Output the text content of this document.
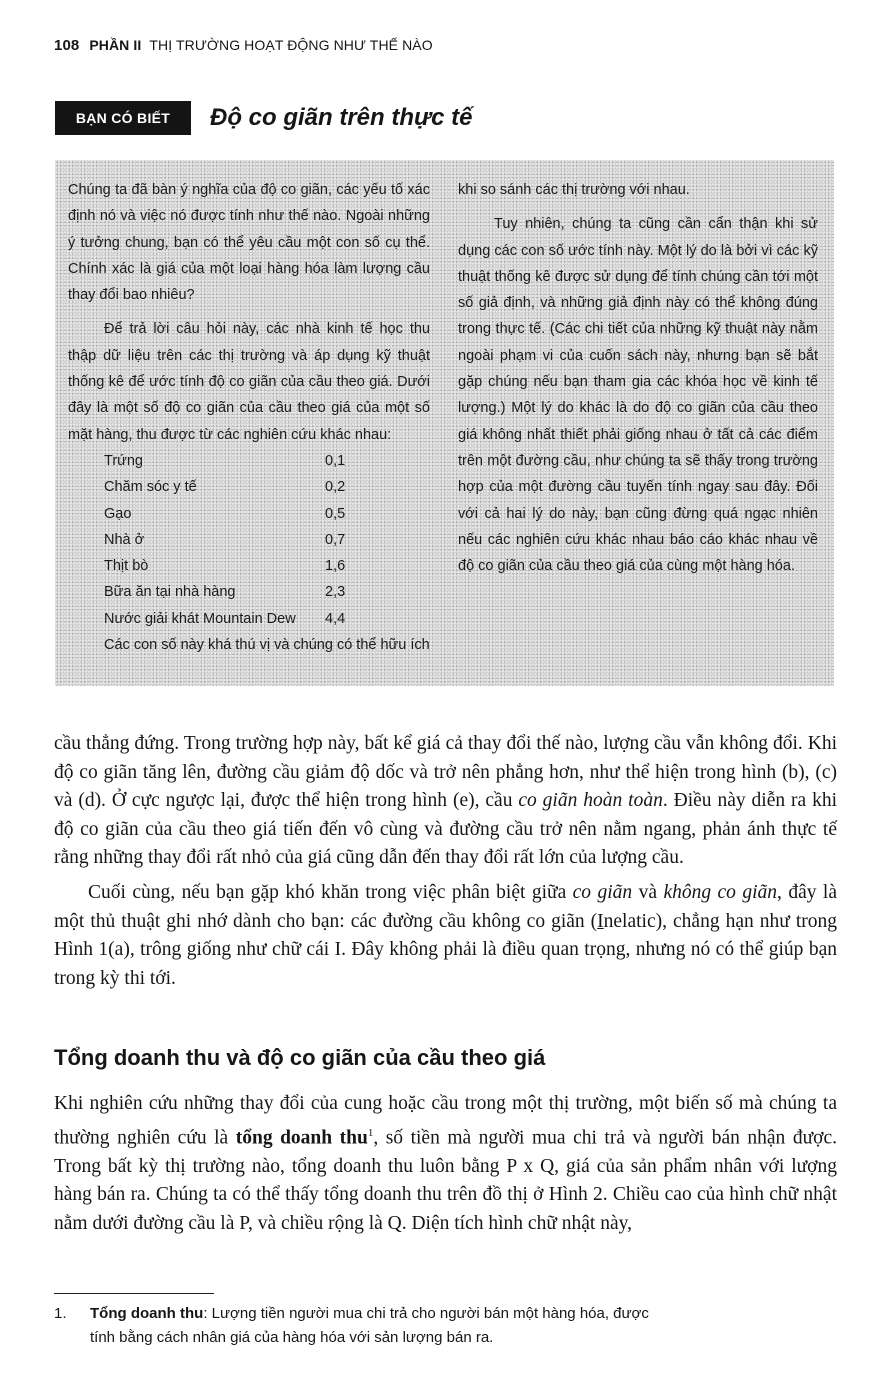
108 PHẦN II THỊ TRƯỜNG HOẠT ĐỘNG NHƯ THẾ NÀO
BẠN CÓ BIẾT	Độ co giãn trên thực tế

Chúng ta đã bàn ý nghĩa của độ co giãn, các yếu tố xác định nó và việc nó được tính như thế nào. Ngoài những ý tưởng chung, bạn có thể yêu cầu một con số cụ thể. Chính xác là giá của một loại hàng hóa làm lượng cầu thay đổi bao nhiêu?

Để trả lời câu hỏi này, các nhà kinh tế học thu thập dữ liệu trên các thị trường và áp dụng kỹ thuật thống kê để ước tính độ co giãn của cầu theo giá. Dưới đây là một số độ co giãn của cầu theo giá của một số mặt hàng, thu được từ các nghiên cứu khác nhau:

Trứng	0,1
Chăm sóc y tế	0,2
Gạo	0,5
Nhà ở	0,7
Thịt bò	1,6
Bữa ăn tại nhà hàng	2,3
Nước giải khát Mountain Dew	4,4

Các con số này khá thú vị và chúng có thể hữu ích

khi so sánh các thị trường với nhau.

Tuy nhiên, chúng ta cũng cần cẩn thận khi sử dụng các con số ước tính này. Một lý do là bởi vì các kỹ thuật thống kê được sử dụng để tính chúng cần tới một số giả định, và những giả định này có thể không đúng trong thực tế. (Các chi tiết của những kỹ thuật này nằm ngoài phạm vi của cuốn sách này, nhưng bạn sẽ bắt gặp chúng nếu bạn tham gia các khóa học về kinh tế lượng.) Một lý do khác là do độ co giãn của cầu theo giá không nhất thiết phải giống nhau ở tất cả các điểm trên một đường cầu, như chúng ta sẽ thấy trong trường hợp của một đường cầu tuyến tính ngay sau đây. Đối với cả hai lý do này, bạn cũng đừng quá ngạc nhiên nếu các nghiên cứu khác nhau báo cáo khác nhau về độ co giãn của cầu theo giá của cùng một hàng hóa.

cầu thẳng đứng. Trong trường hợp này, bất kể giá cả thay đổi thế nào, lượng cầu vẫn không đổi. Khi độ co giãn tăng lên, đường cầu giảm độ dốc và trở nên phẳng hơn, như thể hiện trong hình (b), (c) và (d). Ở cực ngược lại, được thể hiện trong hình (e), cầu co giãn hoàn toàn. Điều này diễn ra khi độ co giãn của cầu theo giá tiến đến vô cùng và đường cầu trở nên nằm ngang, phản ánh thực tế rằng những thay đổi rất nhỏ của giá cũng dẫn đến thay đổi rất lớn của lượng cầu.

Cuối cùng, nếu bạn gặp khó khăn trong việc phân biệt giữa co giãn và không co giãn, đây là một thủ thuật ghi nhớ dành cho bạn: các đường cầu không co giãn (Inelatic), chẳng hạn như trong Hình 1(a), trông giống như chữ cái I. Đây không phải là điều quan trọng, nhưng nó có thể giúp bạn trong kỳ thi tới.

Tổng doanh thu và độ co giãn của cầu theo giá

Khi nghiên cứu những thay đổi của cung hoặc cầu trong một thị trường, một biến số mà chúng ta thường nghiên cứu là tổng doanh thu$^1$, số tiền mà người mua chi trả và người bán nhận được. Trong bất kỳ thị trường nào, tổng doanh thu luôn bằng P x Q, giá của sản phẩm nhân với lượng hàng bán ra. Chúng ta có thể thấy tổng doanh thu trên đồ thị ở Hình 2. Chiều cao của hình chữ nhật nằm dưới đường cầu là P, và chiều rộng là Q. Diện tích hình chữ nhật này,

1. Tổng doanh thu: Lượng tiền người mua chi trả cho người bán một hàng hóa, được
tính bằng cách nhân giá của hàng hóa với sản lượng bán ra.
